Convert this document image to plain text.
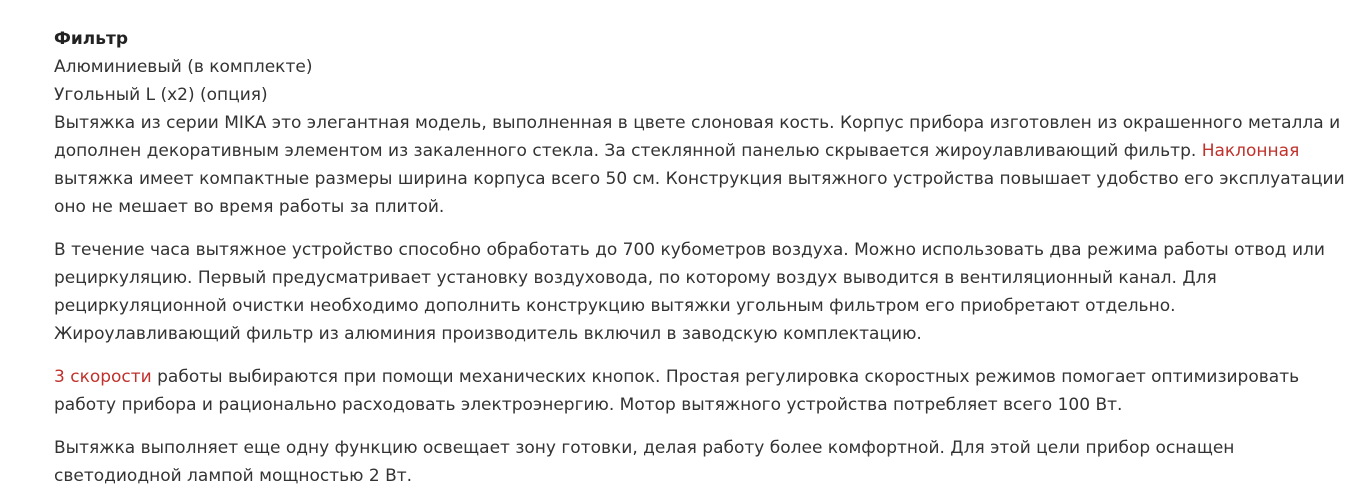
Фильтр
Алюминиевый (в комплекте)
Угольный L (x2) (опция)

Вытяжка из серии MIKA это элегантная модель, выполненная в цвете слоновая кость. Корпус прибора изготовлен из окрашенного металла и дополнен декоративным элементом из закаленного стекла. За стеклянной панелью скрывается жироулавливающий фильтр. Наклонная вытяжка имеет компактные размеры ширина корпуса всего 50 см. Конструкция вытяжного устройства повышает удобство его эксплуатации оно не мешает во время работы за плитой.

В течение часа вытяжное устройство способно обработать до 700 кубометров воздуха. Можно использовать два режима работы отвод или рециркуляцию. Первый предусматривает установку воздуховода, по которому воздух выводится в вентиляционный канал. Для рециркуляционной очистки необходимо дополнить конструкцию вытяжки угольным фильтром его приобретают отдельно. Жироулавливающий фильтр из алюминия производитель включил в заводскую комплектацию.

3 скорости работы выбираются при помощи механических кнопок. Простая регулировка скоростных режимов помогает оптимизировать работу прибора и рационально расходовать электроэнергию. Мотор вытяжного устройства потребляет всего 100 Вт.

Вытяжка выполняет еще одну функцию освещает зону готовки, делая работу более комфортной. Для этой цели прибор оснащен светодиодной лампой мощностью 2 Вт.
